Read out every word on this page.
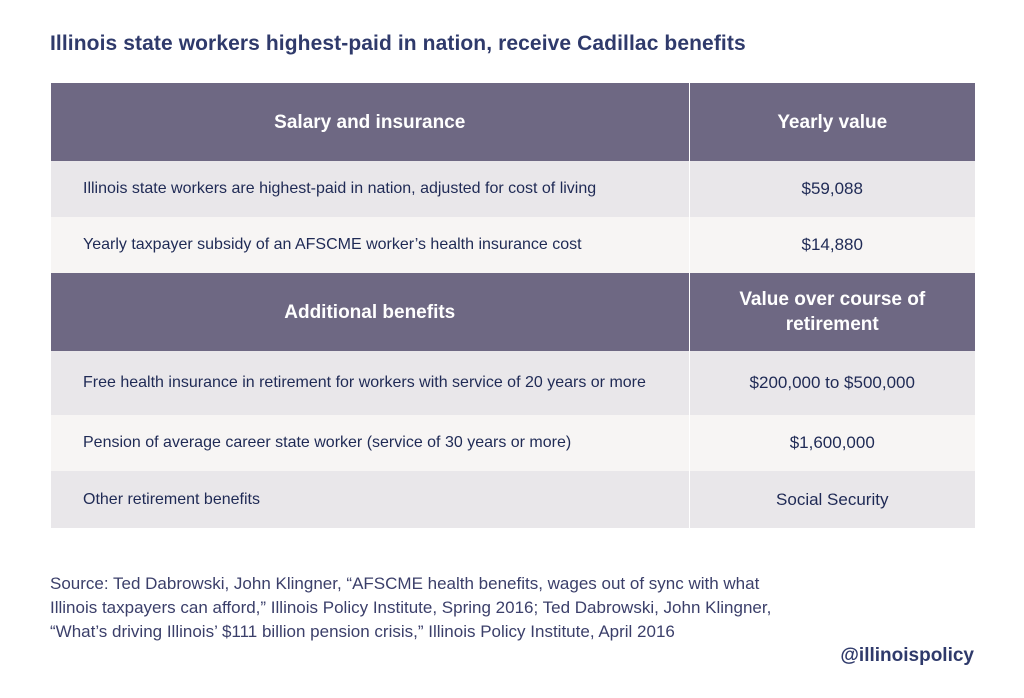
Illinois state workers highest-paid in nation, receive Cadillac benefits
Salary and insurance	Yearly value
Illinois state workers are highest-paid in nation, adjusted for cost of living	$59,088
Yearly taxpayer subsidy of an AFSCME worker’s health insurance cost	$14,880
Additional benefits	Value over course of retirement
Free health insurance in retirement for workers with service of 20 years or more	$200,000 to $500,000
Pension of average career state worker (service of 30 years or more)	$1,600,000
Other retirement benefits	Social Security
Source: Ted Dabrowski, John Klingner, “AFSCME health benefits, wages out of sync with what Illinois taxpayers can afford,” Illinois Policy Institute, Spring 2016; Ted Dabrowski, John Klingner, “What’s driving Illinois’ $111 billion pension crisis,” Illinois Policy Institute, April 2016
@illinoispolicy
